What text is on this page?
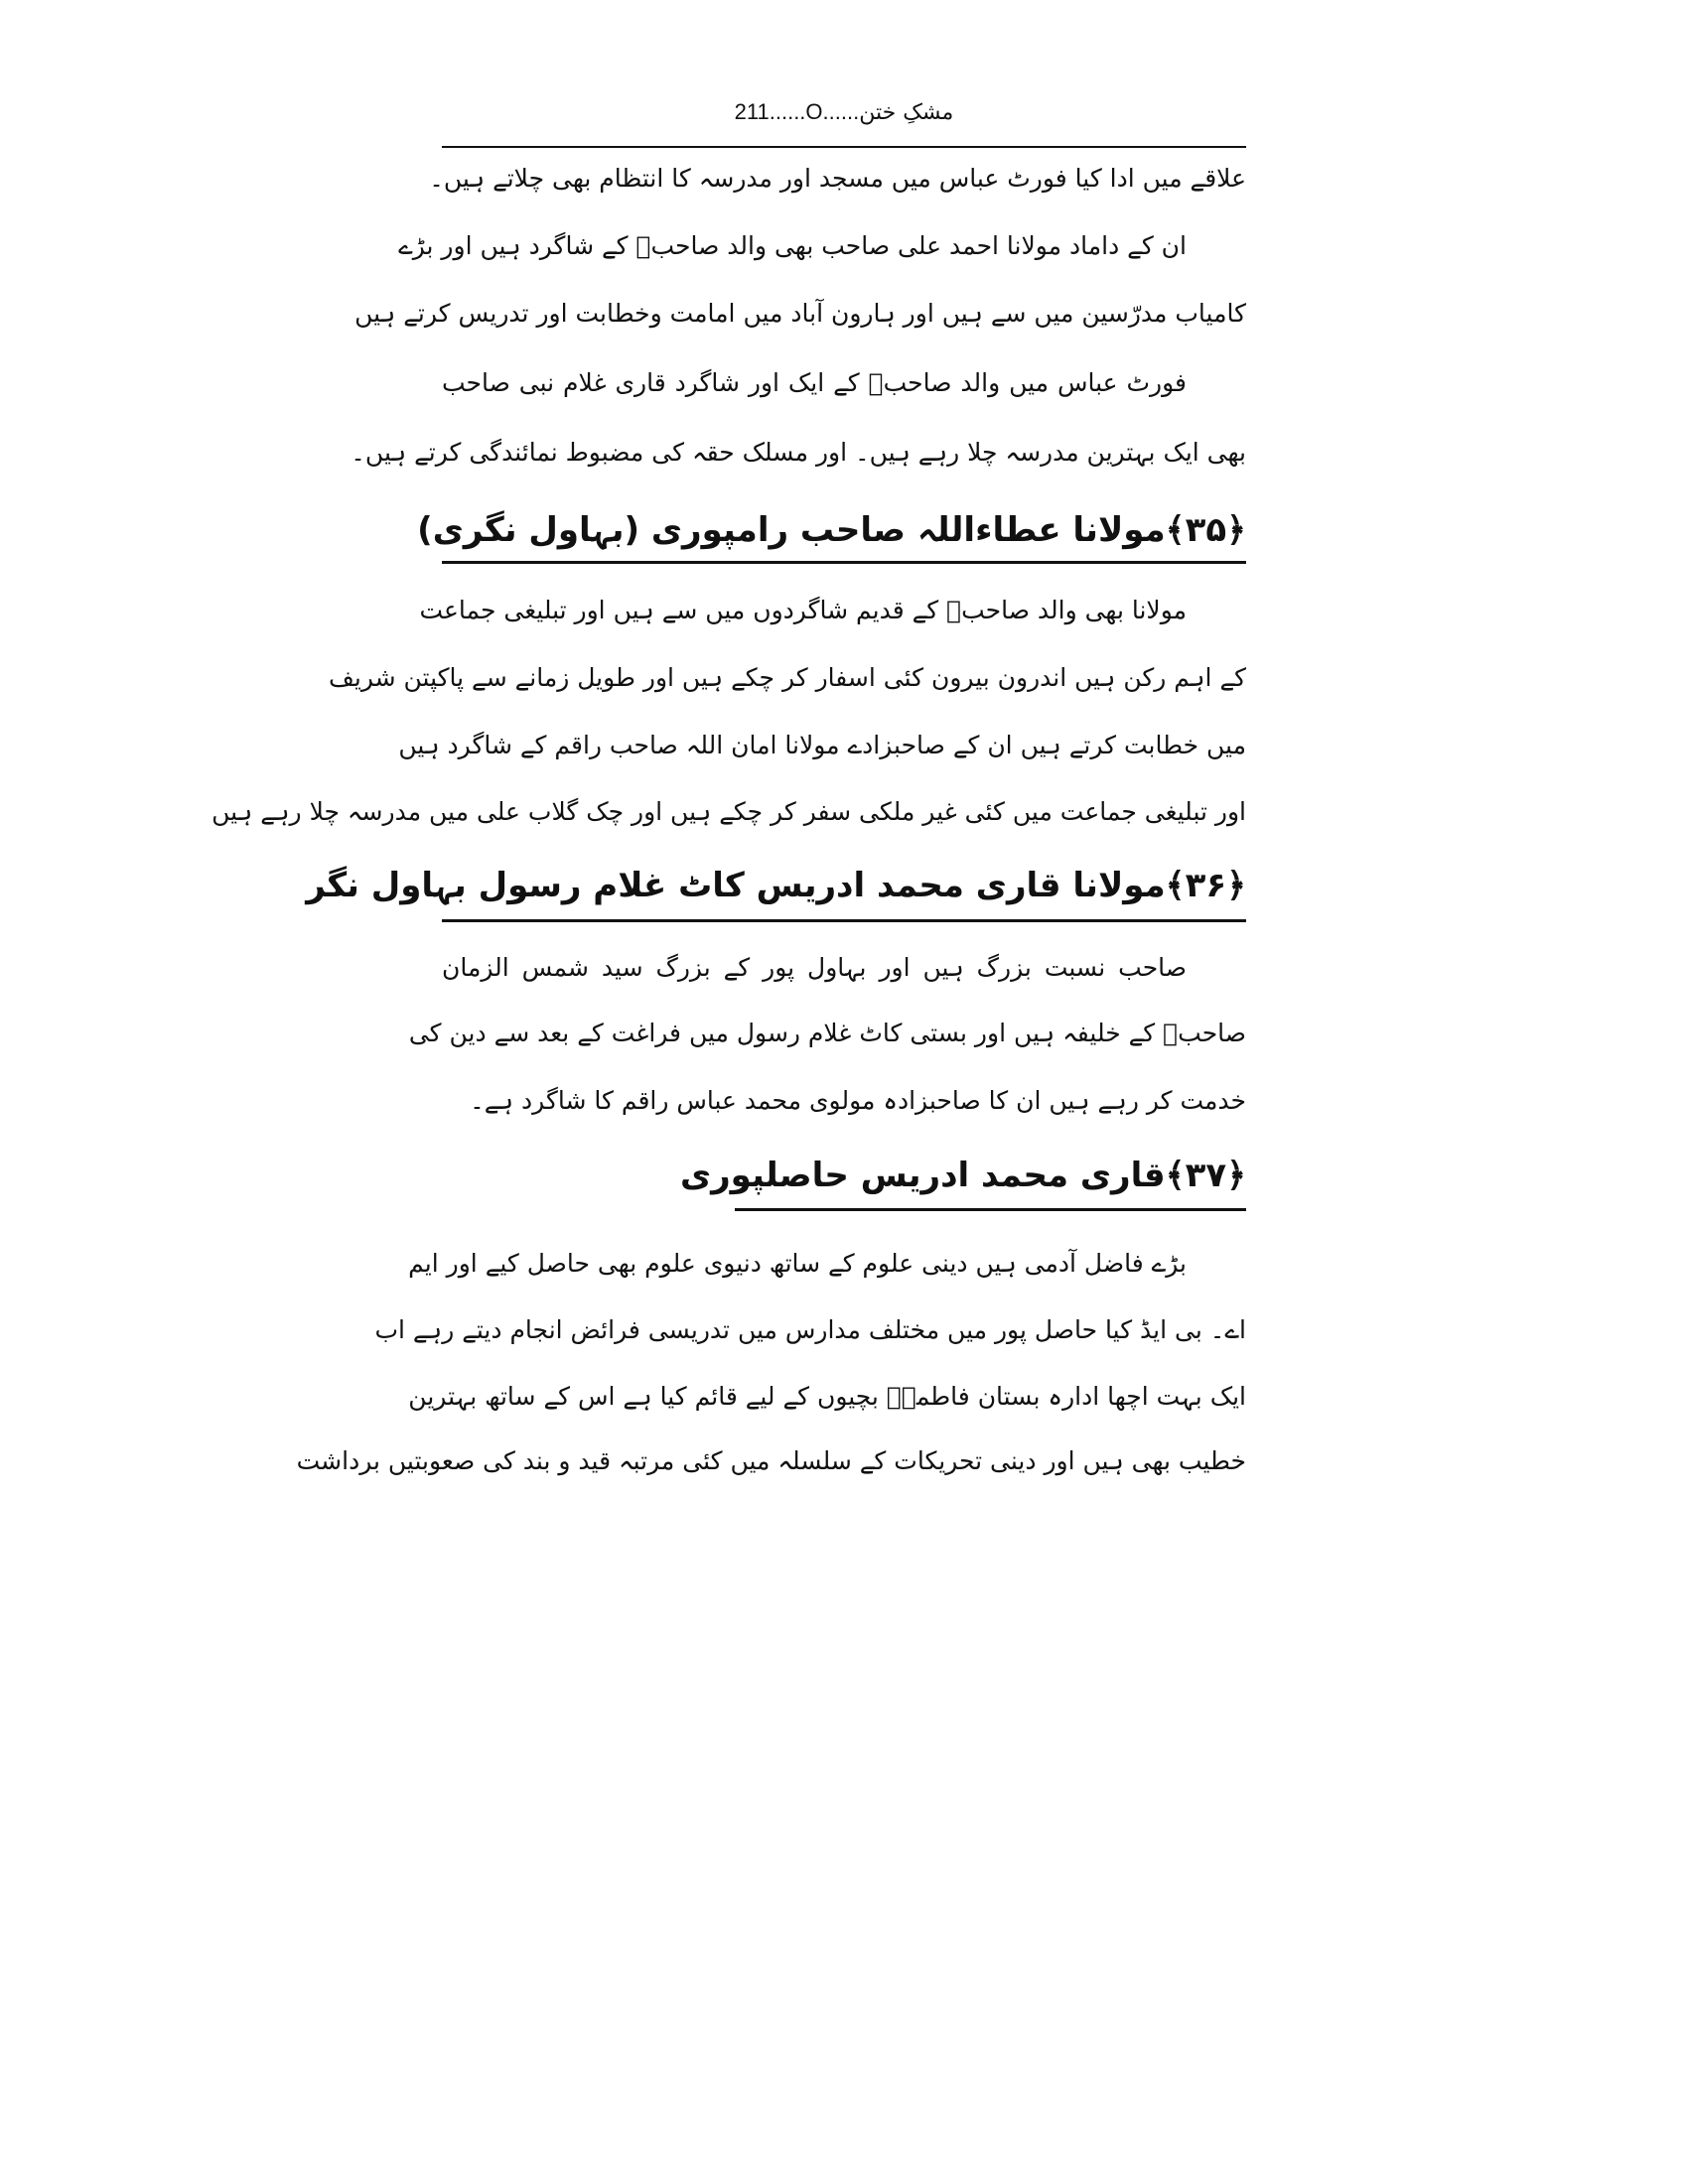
211......O......مشکِ ختن
علاقے میں ادا کیا فورٹ عباس میں مسجد اور مدرسہ کا انتظام بھی چلاتے ہیں۔
ان کے داماد مولانا احمد علی صاحب بھی والد صاحبؒ کے شاگرد ہیں اور بڑے
کامیاب مدرّسین میں سے ہیں اور ہارون آباد میں امامت وخطابت اور تدریس کرتے ہیں
فورٹ عباس میں والد صاحبؒ کے ایک اور شاگرد قاری غلام نبی صاحب
بھی ایک بہترین مدرسہ چلا رہے ہیں۔ اور مسلک حقہ کی مضبوط نمائندگی کرتے ہیں۔
﴿۳۵﴾مولانا عطاءاللہ صاحب رامپوری (بہاول نگری)
مولانا بھی والد صاحبؒ کے قدیم شاگردوں میں سے ہیں اور تبلیغی جماعت
کے اہم رکن ہیں اندرون بیرون کئی اسفار کر چکے ہیں اور طویل زمانے سے پاکپتن شریف
میں خطابت کرتے ہیں ان کے صاحبزادے مولانا امان اللہ صاحب راقم کے شاگرد ہیں
اور تبلیغی جماعت میں کئی غیر ملکی سفر کر چکے ہیں اور چک گلاب علی میں مدرسہ چلا رہے ہیں
﴿۳۶﴾مولانا قاری محمد ادریس کاٹ غلام رسول بہاول نگر
صاحب نسبت بزرگ ہیں اور بہاول پور کے بزرگ سید شمس الزمان
صاحبؒ کے خلیفہ ہیں اور بستی کاٹ غلام رسول میں فراغت کے بعد سے دین کی
خدمت کر رہے ہیں ان کا صاحبزادہ مولوی محمد عباس راقم کا شاگرد ہے۔
﴿۳۷﴾قاری محمد ادریس حاصلپوری
بڑے فاضل آدمی ہیں دینی علوم کے ساتھ دنیوی علوم بھی حاصل کیے اور ایم
اے۔ بی ایڈ کیا حاصل پور میں مختلف مدارس میں تدریسی فرائض انجام دیتے رہے اب
ایک بہت اچھا ادارہ بستان فاطمہؓ بچیوں کے لیے قائم کیا ہے اس کے ساتھ بہترین
خطیب بھی ہیں اور دینی تحریکات کے سلسلہ میں کئی مرتبہ قید و بند کی صعوبتیں برداشت
